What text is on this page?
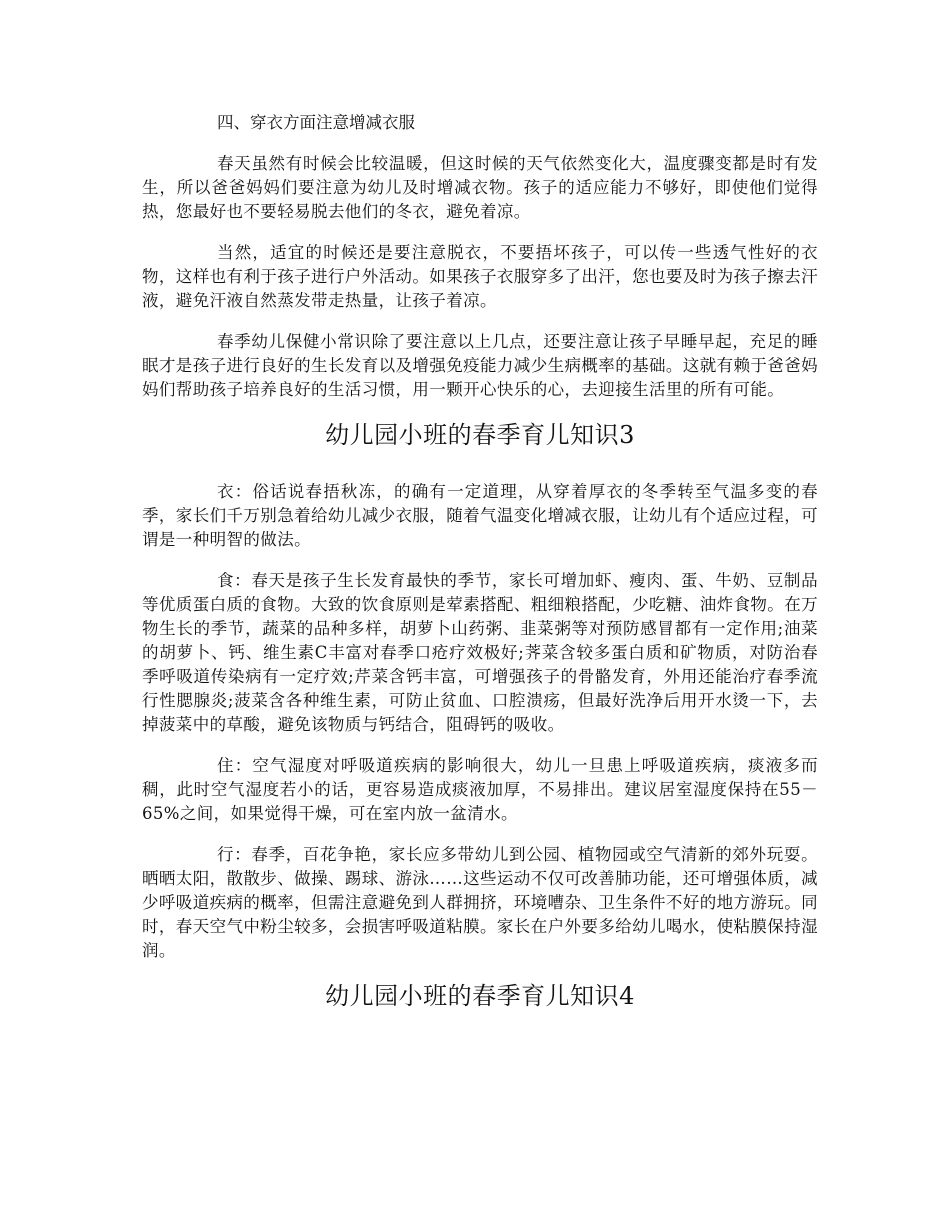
四、穿衣方面注意增减衣服

春天虽然有时候会比较温暖，但这时候的天气依然变化大，温度骤变都是时有发生，所以爸爸妈妈们要注意为幼儿及时增减衣物。孩子的适应能力不够好，即使他们觉得热，您最好也不要轻易脱去他们的冬衣，避免着凉。

当然，适宜的时候还是要注意脱衣，不要捂坏孩子，可以传一些透气性好的衣物，这样也有利于孩子进行户外活动。如果孩子衣服穿多了出汗，您也要及时为孩子擦去汗液，避免汗液自然蒸发带走热量，让孩子着凉。

春季幼儿保健小常识除了要注意以上几点，还要注意让孩子早睡早起，充足的睡眠才是孩子进行良好的生长发育以及增强免疫能力减少生病概率的基础。这就有赖于爸爸妈妈们帮助孩子培养良好的生活习惯，用一颗开心快乐的心，去迎接生活里的所有可能。

幼儿园小班的春季育儿知识3

衣：俗话说春捂秋冻，的确有一定道理，从穿着厚衣的冬季转至气温多变的春季，家长们千万别急着给幼儿减少衣服，随着气温变化增减衣服，让幼儿有个适应过程，可谓是一种明智的做法。

食：春天是孩子生长发育最快的季节，家长可增加虾、瘦肉、蛋、牛奶、豆制品等优质蛋白质的食物。大致的饮食原则是荤素搭配、粗细粮搭配，少吃糖、油炸食物。在万物生长的季节，蔬菜的品种多样，胡萝卜山药粥、韭菜粥等对预防感冒都有一定作用;油菜的胡萝卜、钙、维生素C丰富对春季口疮疗效极好;荠菜含较多蛋白质和矿物质，对防治春季呼吸道传染病有一定疗效;芹菜含钙丰富，可增强孩子的骨骼发育，外用还能治疗春季流行性腮腺炎;菠菜含各种维生素，可防止贫血、口腔溃疡，但最好洗净后用开水烫一下，去掉菠菜中的草酸，避免该物质与钙结合，阻碍钙的吸收。

住：空气湿度对呼吸道疾病的影响很大，幼儿一旦患上呼吸道疾病，痰液多而稠，此时空气湿度若小的话，更容易造成痰液加厚，不易排出。建议居室湿度保持在55－65%之间，如果觉得干燥，可在室内放一盆清水。

行：春季，百花争艳，家长应多带幼儿到公园、植物园或空气清新的郊外玩耍。晒晒太阳，散散步、做操、踢球、游泳……这些运动不仅可改善肺功能，还可增强体质，减少呼吸道疾病的概率，但需注意避免到人群拥挤，环境嘈杂、卫生条件不好的地方游玩。同时，春天空气中粉尘较多，会损害呼吸道粘膜。家长在户外要多给幼儿喝水，使粘膜保持湿润。

幼儿园小班的春季育儿知识4
